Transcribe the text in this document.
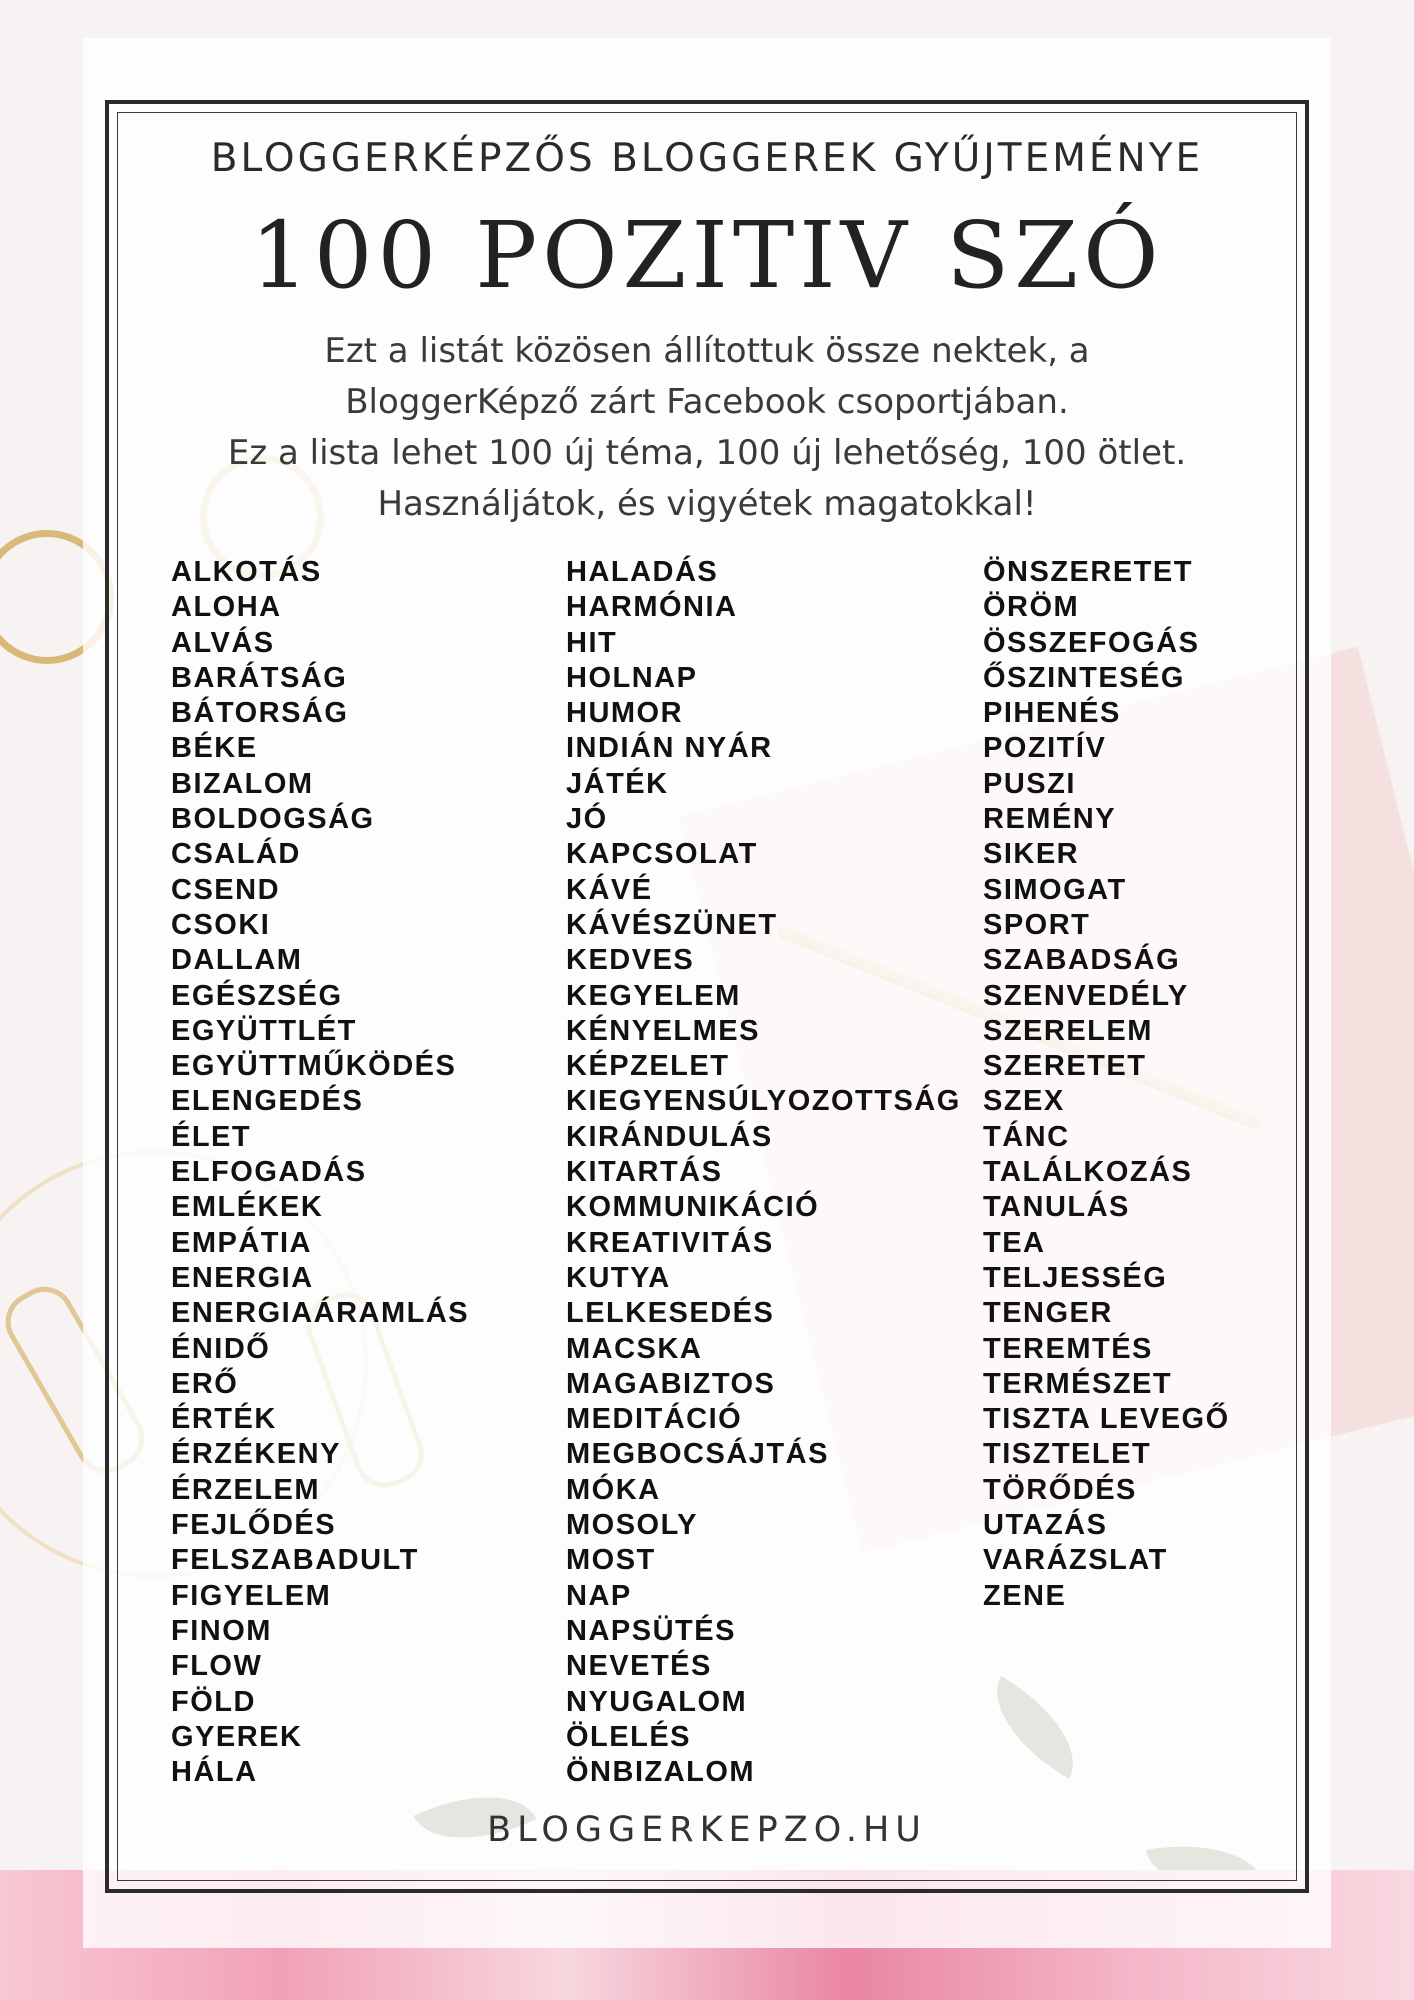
BLOGGERKÉPZŐS BLOGGEREK GYŰJTEMÉNYE
100 POZITIV SZÓ
Ezt a listát közösen állítottuk össze nektek, a
BloggerKépző zárt Facebook csoportjában.
Ez a lista lehet 100 új téma, 100 új lehetőség, 100 ötlet.
Használjátok, és vigyétek magatokkal!
ALKOTÁS
ALOHA
ALVÁS
BARÁTSÁG
BÁTORSÁG
BÉKE
BIZALOM
BOLDOGSÁG
CSALÁD
CSEND
CSOKI
DALLAM
EGÉSZSÉG
EGYÜTTLÉT
EGYÜTTMŰKÖDÉS
ELENGEDÉS
ÉLET
ELFOGADÁS
EMLÉKEK
EMPÁTIA
ENERGIA
ENERGIAÁRAMLÁS
ÉNIDŐ
ERŐ
ÉRTÉK
ÉRZÉKENY
ÉRZELEM
FEJLŐDÉS
FELSZABADULT
FIGYELEM
FINOM
FLOW
FÖLD
GYEREK
HÁLA
HALADÁS
HARMÓNIA
HIT
HOLNAP
HUMOR
INDIÁN NYÁR
JÁTÉK
JÓ
KAPCSOLAT
KÁVÉ
KÁVÉSZÜNET
KEDVES
KEGYELEM
KÉNYELMES
KÉPZELET
KIEGYENSÚLYOZOTTSÁG
KIRÁNDULÁS
KITARTÁS
KOMMUNIKÁCIÓ
KREATIVITÁS
KUTYA
LELKESEDÉS
MACSKA
MAGABIZTOS
MEDITÁCIÓ
MEGBOCSÁJTÁS
MÓKA
MOSOLY
MOST
NAP
NAPSÜTÉS
NEVETÉS
NYUGALOM
ÖLELÉS
ÖNBIZALOM
ÖNSZERETET
ÖRÖM
ÖSSZEFOGÁS
ŐSZINTESÉG
PIHENÉS
POZITÍV
PUSZI
REMÉNY
SIKER
SIMOGAT
SPORT
SZABADSÁG
SZENVEDÉLY
SZERELEM
SZERETET
SZEX
TÁNC
TALÁLKOZÁS
TANULÁS
TEA
TELJESSÉG
TENGER
TEREMTÉS
TERMÉSZET
TISZTA LEVEGŐ
TISZTELET
TÖRŐDÉS
UTAZÁS
VARÁZSLAT
ZENE
BLOGGERKEPZO.HU
